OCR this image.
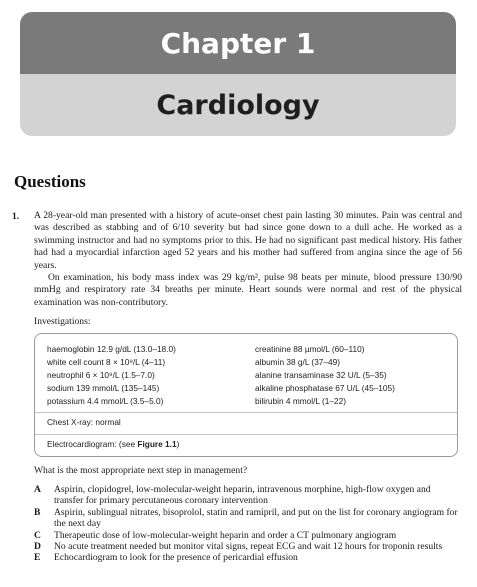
Chapter 1
Cardiology
Questions
1. A 28-year-old man presented with a history of acute-onset chest pain lasting 30 minutes. Pain was central and was described as stabbing and of 6/10 severity but had since gone down to a dull ache. He worked as a swimming instructor and had no symptoms prior to this. He had no significant past medical history. His father had had a myocardial infarction aged 52 years and his mother had suffered from angina since the age of 56 years.

On examination, his body mass index was 29 kg/m², pulse 98 beats per minute, blood pressure 130/90 mmHg and respiratory rate 34 breaths per minute. Heart sounds were normal and rest of the physical examination was non-contributory.

Investigations:
haemoglobin 12.9 g/dL (13.0–18.0)	creatinine 88 µmol/L (60–110)
white cell count 8 × 10⁹/L (4–11)	albumin 38 g/L (37–49)
neutrophil 6 × 10⁹/L (1.5–7.0)	alanine transaminase 32 U/L (5–35)
sodium 139 mmol/L (135–145)	alkaline phosphatase 67 U/L (45–105)
potassium 4.4 mmol/L (3.5–5.0)	bilirubin 4 mmol/L (1–22)
Chest X-ray: normal
Electrocardiogram: (see Figure 1.1)
What is the most appropriate next step in management?
A	Aspirin, clopidogrel, low-molecular-weight heparin, intravenous morphine, high-flow oxygen and transfer for primary percutaneous coronary intervention
B	Aspirin, sublingual nitrates, bisoprolol, statin and ramipril, and put on the list for coronary angiogram for the next day
C	Therapeutic dose of low-molecular-weight heparin and order a CT pulmonary angiogram
D	No acute treatment needed but monitor vital signs, repeat ECG and wait 12 hours for troponin results
E	Echocardiogram to look for the presence of pericardial effusion
